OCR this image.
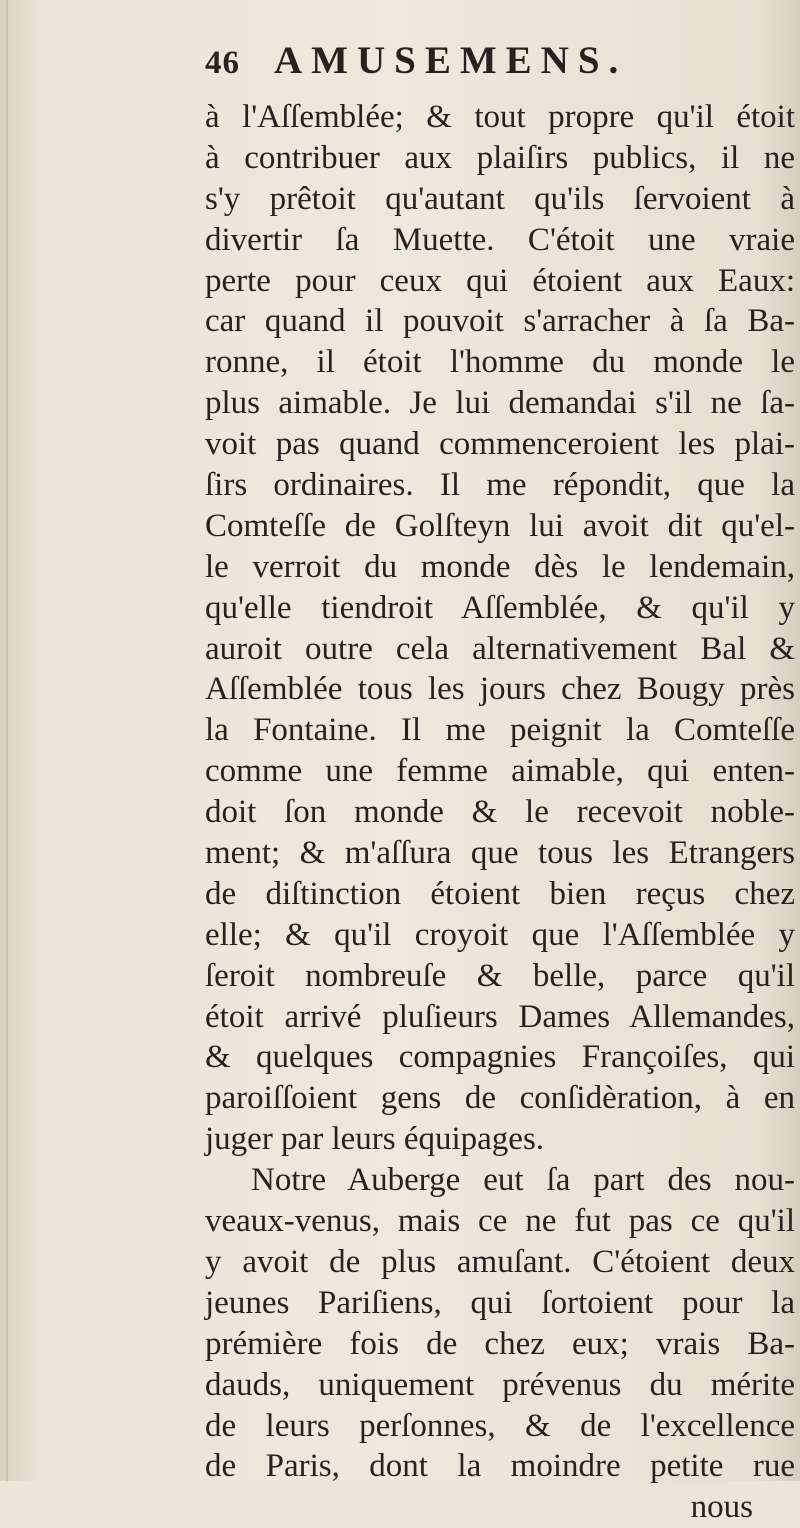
46 AMUSEMENS.
à l'Aſſemblée; & tout propre qu'il étoit
à contribuer aux plaiſirs publics, il ne
s'y prêtoit qu'autant qu'ils ſervoient à
divertir ſa Muette. C'étoit une vraie
perte pour ceux qui étoient aux Eaux:
car quand il pouvoit s'arracher à ſa Ba-
ronne, il étoit l'homme du monde le
plus aimable. Je lui demandai s'il ne ſa-
voit pas quand commenceroient les plai-
ſirs ordinaires. Il me répondit, que la
Comteſſe de Golſteyn lui avoit dit qu'el-
le verroit du monde dès le lendemain,
qu'elle tiendroit Aſſemblée, & qu'il y
auroit outre cela alternativement Bal &
Aſſemblée tous les jours chez Bougy près
la Fontaine. Il me peignit la Comteſſe
comme une femme aimable, qui enten-
doit ſon monde & le recevoit noble-
ment; & m'aſſura que tous les Etrangers
de diſtinction étoient bien reçus chez
elle; & qu'il croyoit que l'Aſſemblée y
ſeroit nombreuſe & belle, parce qu'il
étoit arrivé pluſieurs Dames Allemandes,
& quelques compagnies Françoiſes, qui
paroiſſoient gens de conſidèration, à en
juger par leurs équipages.
Notre Auberge eut ſa part des nou-
veaux-venus, mais ce ne fut pas ce qu'il
y avoit de plus amuſant. C'étoient deux
jeunes Pariſiens, qui ſortoient pour la
prémière fois de chez eux; vrais Ba-
dauds, uniquement prévenus du mérite
de leurs perſonnes, & de l'excellence
de Paris, dont la moindre petite rue
nous
